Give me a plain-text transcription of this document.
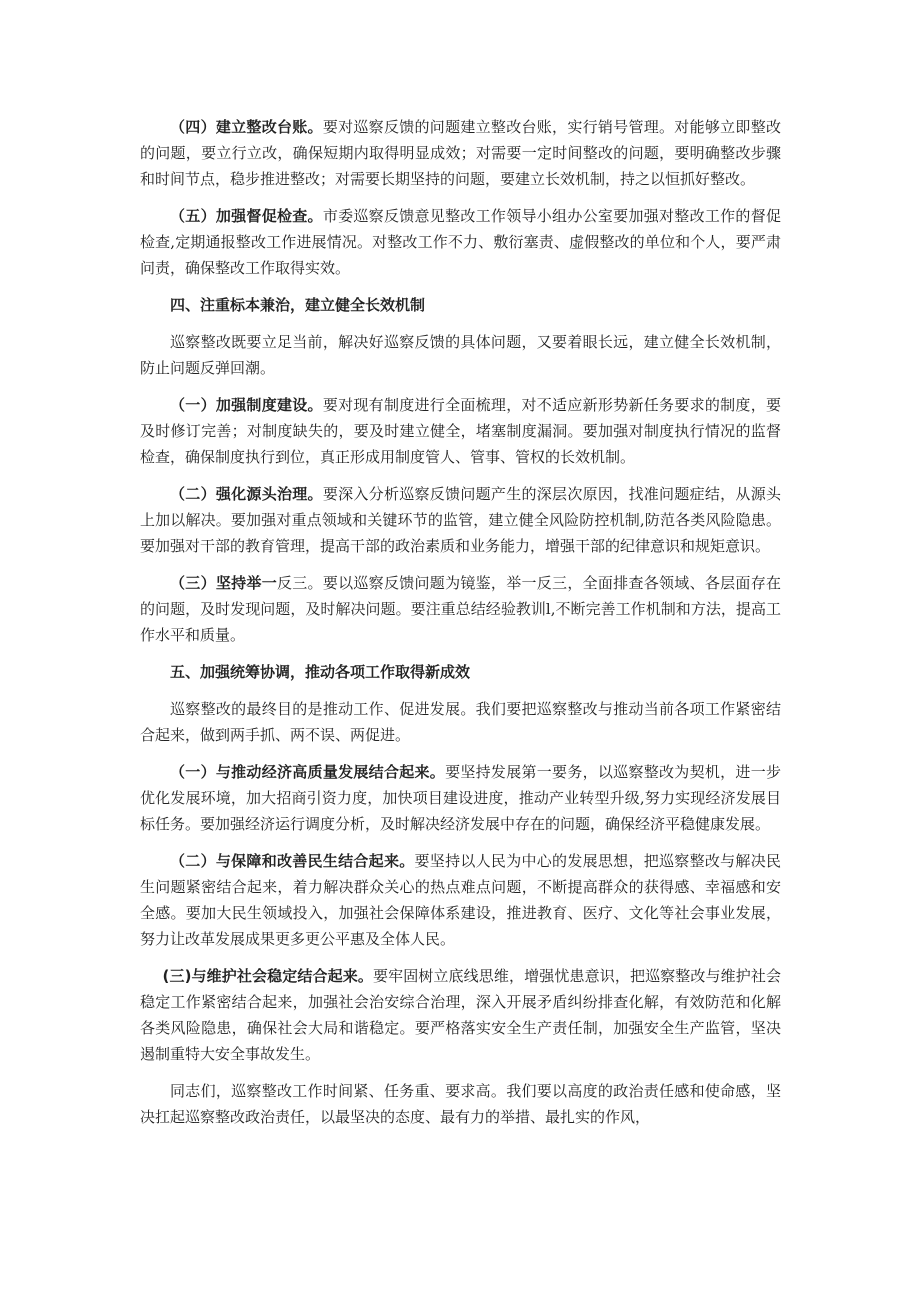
（四）建立整改台账。要对巡察反馈的问题建立整改台账，实行销号管理。对能够立即整改的问题，要立行立改，确保短期内取得明显成效；对需要一定时间整改的问题，要明确整改步骤和时间节点，稳步推进整改；对需要长期坚持的问题，要建立长效机制，持之以恒抓好整改。

（五）加强督促检查。市委巡察反馈意见整改工作领导小组办公室要加强对整改工作的督促检查,定期通报整改工作进展情况。对整改工作不力、敷衍塞责、虚假整改的单位和个人，要严肃问责，确保整改工作取得实效。

四、注重标本兼治，建立健全长效机制

巡察整改既要立足当前，解决好巡察反馈的具体问题，又要着眼长远，建立健全长效机制，防止问题反弹回潮。

（一）加强制度建设。要对现有制度进行全面梳理，对不适应新形势新任务要求的制度，要及时修订完善；对制度缺失的，要及时建立健全，堵塞制度漏洞。要加强对制度执行情况的监督检查，确保制度执行到位，真正形成用制度管人、管事、管权的长效机制。

（二）强化源头治理。要深入分析巡察反馈问题产生的深层次原因，找准问题症结，从源头上加以解决。要加强对重点领域和关键环节的监管，建立健全风险防控机制,防范各类风险隐患。要加强对干部的教育管理，提高干部的政治素质和业务能力，增强干部的纪律意识和规矩意识。

（三）坚持举一反三。要以巡察反馈问题为镜鉴，举一反三，全面排查各领域、各层面存在的问题，及时发现问题，及时解决问题。要注重总结经验教训l,不断完善工作机制和方法，提高工作水平和质量。

五、加强统筹协调，推动各项工作取得新成效

巡察整改的最终目的是推动工作、促进发展。我们要把巡察整改与推动当前各项工作紧密结合起来，做到两手抓、两不误、两促进。

（一）与推动经济高质量发展结合起来。要坚持发展第一要务，以巡察整改为契机，进一步优化发展环境，加大招商引资力度，加快项目建设进度，推动产业转型升级,努力实现经济发展目标任务。要加强经济运行调度分析，及时解决经济发展中存在的问题，确保经济平稳健康发展。

（二）与保障和改善民生结合起来。要坚持以人民为中心的发展思想，把巡察整改与解决民生问题紧密结合起来，着力解决群众关心的热点难点问题，不断提高群众的获得感、幸福感和安全感。要加大民生领域投入，加强社会保障体系建设，推进教育、医疗、文化等社会事业发展，努力让改革发展成果更多更公平惠及全体人民。

(三)与维护社会稳定结合起来。要牢固树立底线思维，增强忧患意识，把巡察整改与维护社会稳定工作紧密结合起来，加强社会治安综合治理，深入开展矛盾纠纷排查化解，有效防范和化解各类风险隐患，确保社会大局和谐稳定。要严格落实安全生产责任制，加强安全生产监管，坚决遏制重特大安全事故发生。

同志们，巡察整改工作时间紧、任务重、要求高。我们要以高度的政治责任感和使命感，坚决扛起巡察整改政治责任，以最坚决的态度、最有力的举措、最扎实的作风，
